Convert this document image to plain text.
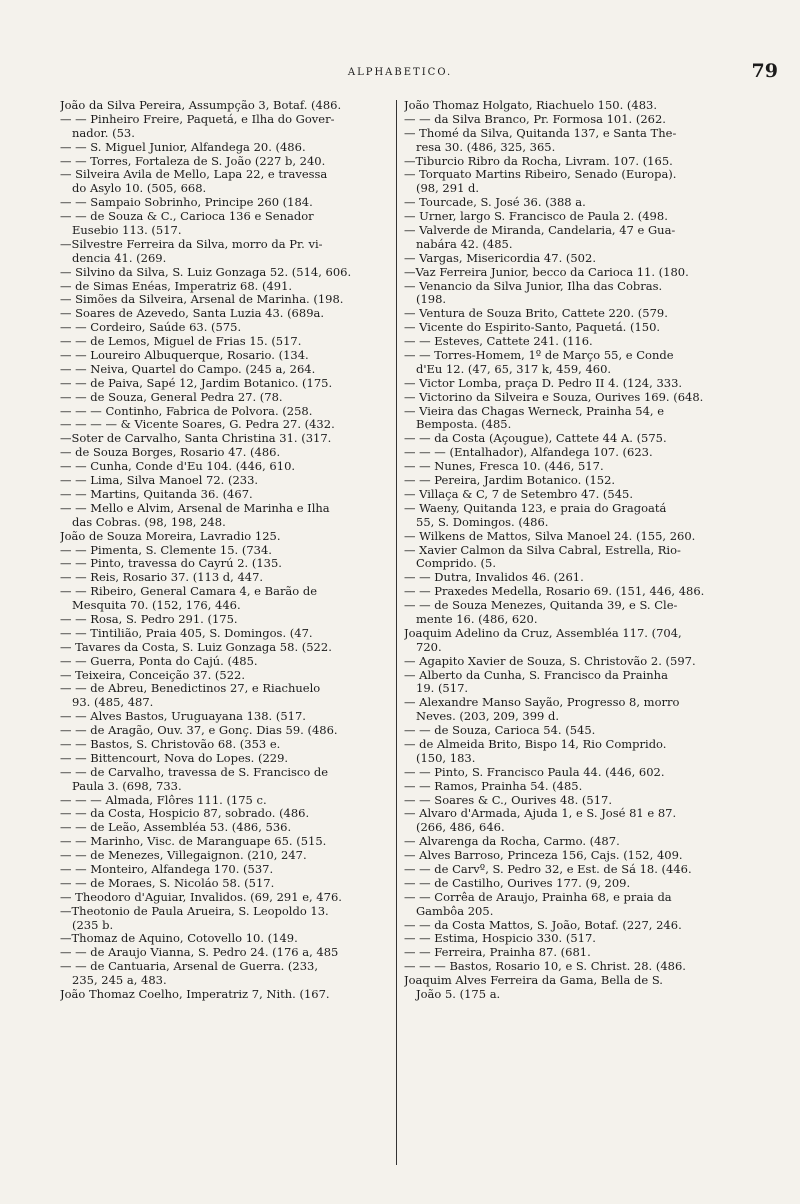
ALPHABETICO.	79
João da Silva Pereira, Assumpção 3, Botaf. (486.
— — Pinheiro Freire, Paquetá, e Ilha do Gover-
nador. (53.
— — S. Miguel Junior, Alfandega 20. (486.
— — Torres, Fortaleza de S. João (227 b, 240.
— Silveira Avila de Mello, Lapa 22, e travessa
do Asylo 10. (505, 668.
— — Sampaio Sobrinho, Principe 260 (184.
— — de Souza & C., Carioca 136 e Senador
Eusebio 113. (517.
—Silvestre Ferreira da Silva, morro da Pr. vi-
dencia 41. (269.
— Silvino da Silva, S. Luiz Gonzaga 52. (514, 606.
— de Simas Enéas, Imperatriz 68. (491.
— Simões da Silveira, Arsenal de Marinha. (198.
— Soares de Azevedo, Santa Luzia 43. (689a.
— — Cordeiro, Saúde 63. (575.
— — de Lemos, Miguel de Frias 15. (517.
— — Loureiro Albuquerque, Rosario. (134.
— — Neiva, Quartel do Campo. (245 a, 264.
— — de Paiva, Sapé 12, Jardim Botanico. (175.
— — de Souza, General Pedra 27. (78.
— — — Continho, Fabrica de Polvora. (258.
— — — — & Vicente Soares, G. Pedra 27. (432.
—Soter de Carvalho, Santa Christina 31. (317.
— de Souza Borges, Rosario 47. (486.
— — Cunha, Conde d'Eu 104. (446, 610.
— — Lima, Silva Manoel 72. (233.
— — Martins, Quitanda 36. (467.
— — Mello e Alvim, Arsenal de Marinha e Ilha
das Cobras. (98, 198, 248.
João de Souza Moreira, Lavradio 125.
— — Pimenta, S. Clemente 15. (734.
— — Pinto, travessa do Cayrú 2. (135.
— — Reis, Rosario 37. (113 d, 447.
— — Ribeiro, General Camara 4, e Barão de
Mesquita 70. (152, 176, 446.
— — Rosa, S. Pedro 291. (175.
— — Tintilião, Praia 405, S. Domingos. (47.
— Tavares da Costa, S. Luiz Gonzaga 58. (522.
— — Guerra, Ponta do Cajú. (485.
— Teixeira, Conceição 37. (522.
— — de Abreu, Benedictinos 27, e Riachuelo
93. (485, 487.
— — Alves Bastos, Uruguayana 138. (517.
— — de Aragão, Ouv. 37, e Gonç. Dias 59. (486.
— — Bastos, S. Christovão 68. (353 e.
— — Bittencourt, Nova do Lopes. (229.
— — de Carvalho, travessa de S. Francisco de
Paula 3. (698, 733.
— — — Almada, Flôres 111. (175 c.
— — da Costa, Hospicio 87, sobrado. (486.
— — de Leão, Assembléa 53. (486, 536.
— — Marinho, Visc. de Maranguape 65. (515.
— — de Menezes, Villegaignon. (210, 247.
— — Monteiro, Alfandega 170. (537.
— — de Moraes, S. Nicoláo 58. (517.
— Theodoro d'Aguiar, Invalidos. (69, 291 e, 476.
—Theotonio de Paula Arueira, S. Leopoldo 13.
(235 b.
—Thomaz de Aquino, Cotovello 10. (149.
— — de Araujo Vianna, S. Pedro 24. (176 a, 485
— — de Cantuaria, Arsenal de Guerra. (233,
235, 245 a, 483.
João Thomaz Coelho, Imperatriz 7, Nith. (167.
João Thomaz Holgato, Riachuelo 150. (483.
— — da Silva Branco, Pr. Formosa 101. (262.
— Thomé da Silva, Quitanda 137, e Santa The-
resa 30. (486, 325, 365.
—Tiburcio Ribro da Rocha, Livram. 107. (165.
— Torquato Martins Ribeiro, Senado (Europa).
(98, 291 d.
— Tourcade, S. José 36. (388 a.
— Urner, largo S. Francisco de Paula 2. (498.
— Valverde de Miranda, Candelaria, 47 e Gua-
nabára 42. (485.
— Vargas, Misericordia 47. (502.
—Vaz Ferreira Junior, becco da Carioca 11. (180.
— Venancio da Silva Junior, Ilha das Cobras.
(198.
— Ventura de Souza Brito, Cattete 220. (579.
— Vicente do Espirito-Santo, Paquetá. (150.
— — Esteves, Cattete 241. (116.
— — Torres-Homem, 1º de Março 55, e Conde
d'Eu 12. (47, 65, 317 k, 459, 460.
— Victor Lomba, praça D. Pedro II 4. (124, 333.
— Victorino da Silveira e Souza, Ourives 169. (648.
— Vieira das Chagas Werneck, Prainha 54, e
Bemposta. (485.
— — da Costa (Açougue), Cattete 44 A. (575.
— — — (Entalhador), Alfandega 107. (623.
— — Nunes, Fresca 10. (446, 517.
— — Pereira, Jardim Botanico. (152.
— Villaça & C, 7 de Setembro 47. (545.
— Waeny, Quitanda 123, e praia do Gragoatá
55, S. Domingos. (486.
— Wilkens de Mattos, Silva Manoel 24. (155, 260.
— Xavier Calmon da Silva Cabral, Estrella, Rio-
Comprido. (5.
— — Dutra, Invalidos 46. (261.
— — Praxedes Medella, Rosario 69. (151, 446, 486.
— — de Souza Menezes, Quitanda 39, e S. Cle-
mente 16. (486, 620.
Joaquim Adelino da Cruz, Assembléa 117. (704,
720.
— Agapito Xavier de Souza, S. Christovão 2. (597.
— Alberto da Cunha, S. Francisco da Prainha
19. (517.
— Alexandre Manso Sayão, Progresso 8, morro
Neves. (203, 209, 399 d.
— — de Souza, Carioca 54. (545.
— de Almeida Brito, Bispo 14, Rio Comprido.
(150, 183.
— — Pinto, S. Francisco Paula 44. (446, 602.
— — Ramos, Prainha 54. (485.
— — Soares & C., Ourives 48. (517.
— Alvaro d'Armada, Ajuda 1, e S. José 81 e 87.
(266, 486, 646.
— Alvarenga da Rocha, Carmo. (487.
— Alves Barroso, Princeza 156, Cajs. (152, 409.
— — de Carvº, S. Pedro 32, e Est. de Sá 18. (446.
— — de Castilho, Ourives 177. (9, 209.
— — Corrêa de Araujo, Prainha 68, e praia da
Gambôa 205.
— — da Costa Mattos, S. João, Botaf. (227, 246.
— — Estima, Hospicio 330. (517.
— — Ferreira, Prainha 87. (681.
— — — Bastos, Rosario 10, e S. Christ. 28. (486.
Joaquim Alves Ferreira da Gama, Bella de S.
João 5. (175 a.
